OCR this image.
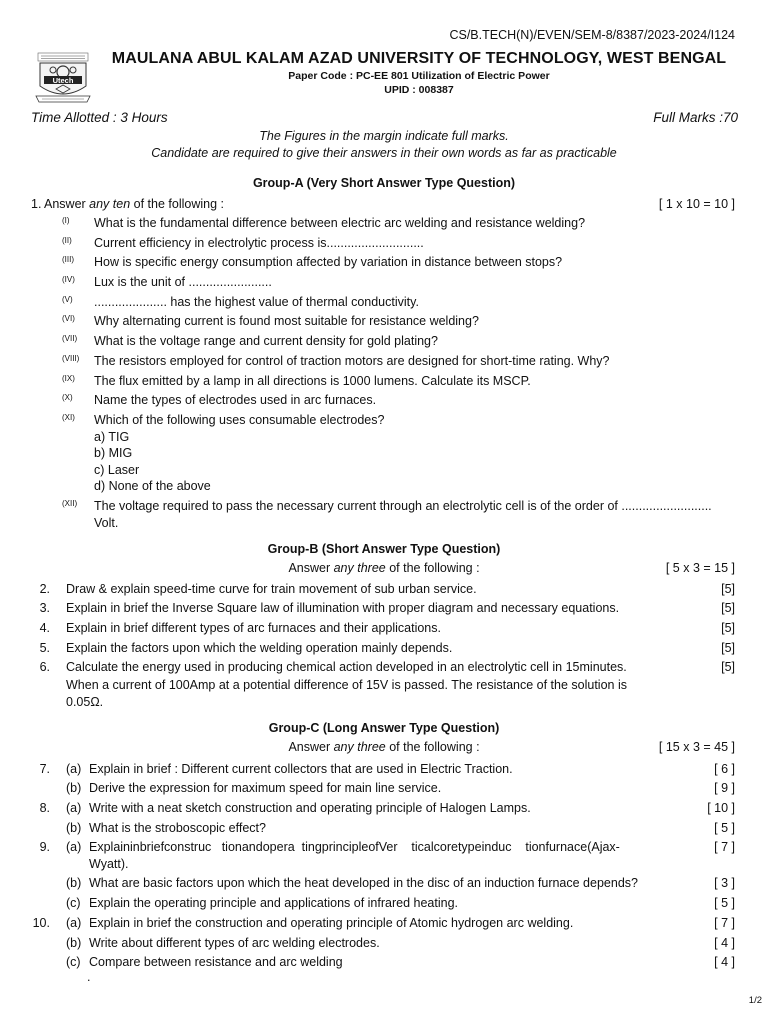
CS/B.TECH(N)/EVEN/SEM-8/8387/2023-2024/I124
Utech
MAULANA ABUL KALAM AZAD UNIVERSITY OF TECHNOLOGY, WEST BENGAL
Paper Code : PC-EE 801 Utilization of Electric Power
UPID : 008387
Time Allotted : 3 Hours	Full Marks :70
The Figures in the margin indicate full marks.
Candidate are required to give their answers in their own words as far as practicable
Group-A (Very Short Answer Type Question)
1. Answer any ten of the following :	[ 1 x 10 = 10 ]
(I)	What is the fundamental difference between electric arc welding and resistance welding?
(II)	Current efficiency in electrolytic process is............................
(III)	How is specific energy consumption affected by variation in distance between stops?
(IV)	Lux is the unit of ........................
(V)	..................... has the highest value of thermal conductivity.
(VI)	Why alternating current is found most suitable for resistance welding?
(VII)	What is the voltage range and current density for gold plating?
(VIII)	The resistors employed for control of traction motors are designed for short-time rating. Why?
(IX)	The flux emitted by a lamp in all directions is 1000 lumens. Calculate its MSCP.
(X)	Name the types of electrodes used in arc furnaces.
(XI)	Which of the following uses consumable electrodes?
a) TIG
b) MIG
c) Laser
d) None of the above
(XII)	The voltage required to pass the necessary current through an electrolytic cell is of the order of ..........................
Volt.
Group-B (Short Answer Type Question)
Answer any three of the following :	[ 5 x 3 = 15 ]
2. Draw & explain speed-time curve for train movement of sub urban service.	[5]
3. Explain in brief the Inverse Square law of illumination with proper diagram and necessary equations.	[5]
4. Explain in brief different types of arc furnaces and their applications.	[5]
5. Explain the factors upon which the welding operation mainly depends.	[5]
6. Calculate the energy used in producing chemical action developed in an electrolytic cell in 15minutes.	[5]
When a current of 100Amp at a potential difference of 15V is passed. The resistance of the solution is
0.05Ω.
Group-C (Long Answer Type Question)
Answer any three of the following :	[ 15 x 3 = 45 ]
7. (a) Explain in brief : Different current collectors that are used in Electric Traction.	[ 6 ]
(b) Derive the expression for maximum speed for main line service.	[ 9 ]
8. (a) Write with a neat sketch construction and operating principle of Halogen Lamps.	[ 10 ]
(b) What is the stroboscopic effect?	[ 5 ]
9. (a) Explaininbriefconstruc   tionandopera  tingprincipleofVer    ticalcoretypeinduc    tionfurnace(Ajax-	[ 7 ]
Wyatt).
(b) What are basic factors upon which the heat developed in the disc of an induction furnace depends?	[ 3 ]
(c) Explain the operating principle and applications of infrared heating.	[ 5 ]
10. (a) Explain in brief the construction and operating principle of Atomic hydrogen arc welding.	[ 7 ]
(b) Write about different types of arc welding electrodes.	[ 4 ]
(c) Compare between resistance and arc welding	[ 4 ]
.
1/2
